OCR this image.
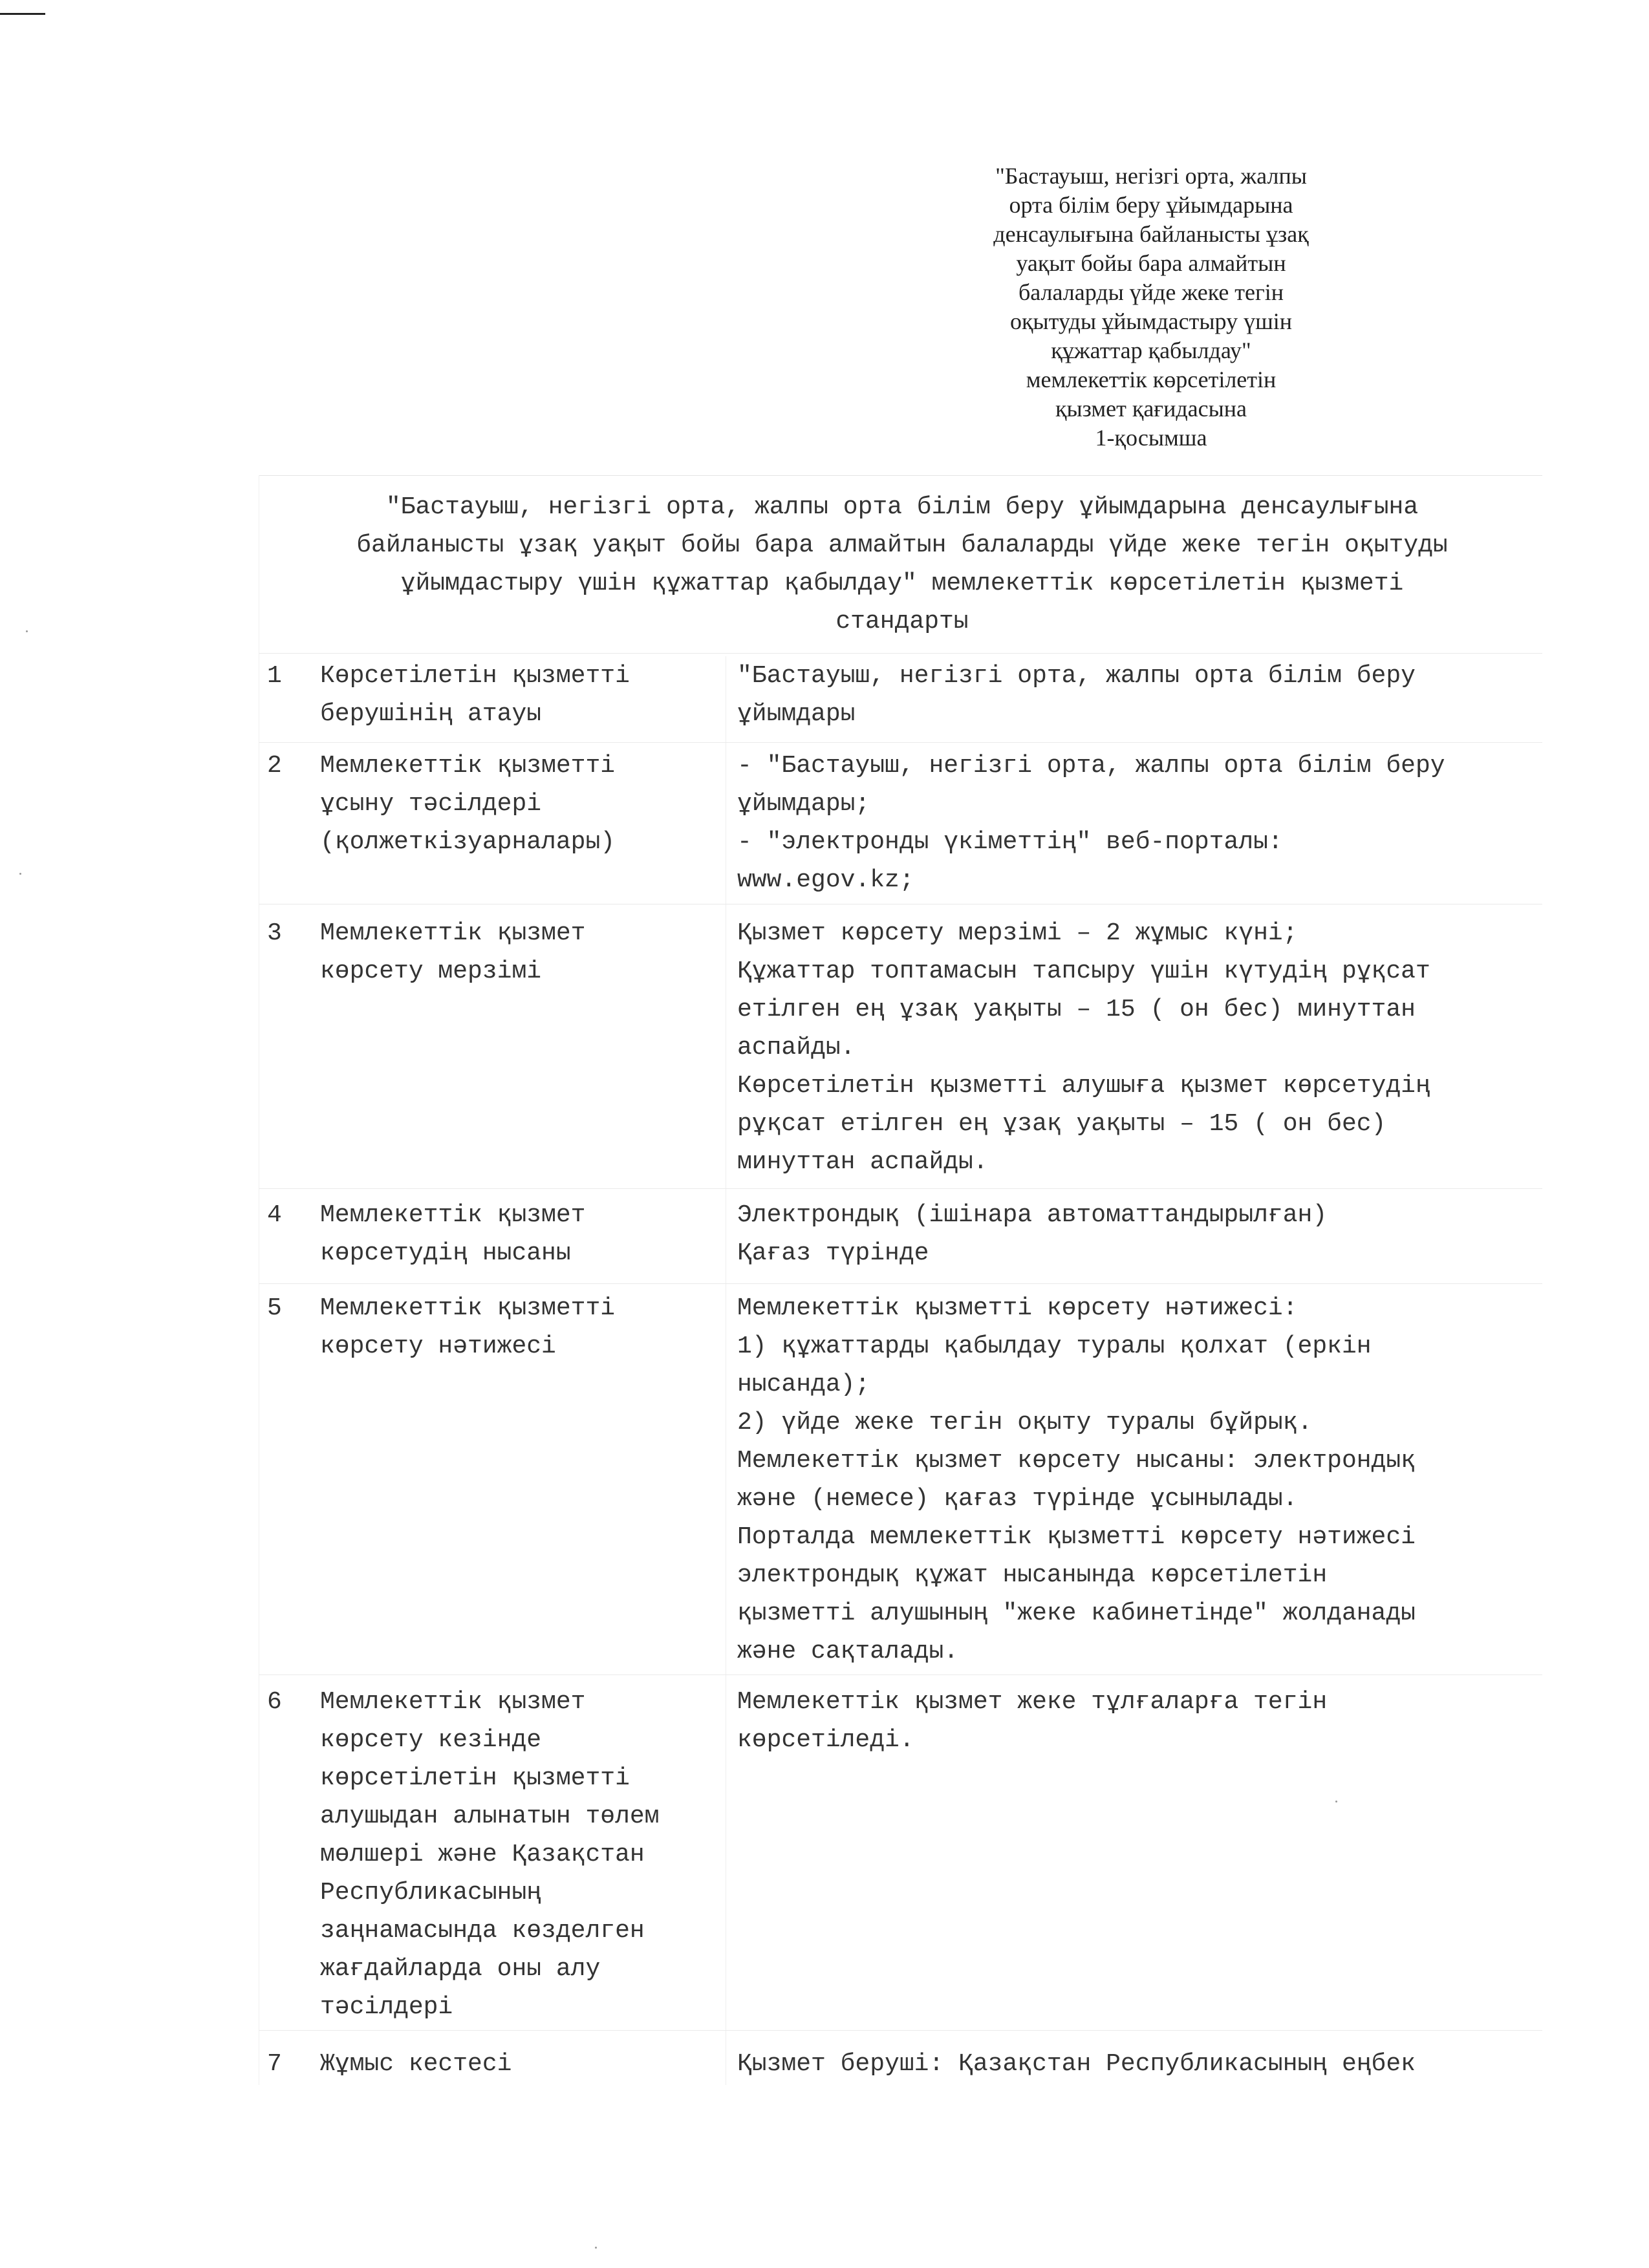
"Бастауыш, негізгі орта, жалпы
орта білім беру ұйымдарына
денсаулығына байланысты ұзақ
уақыт бойы бара алмайтын
балаларды үйде жеке тегін
оқытуды ұйымдастыру үшін
құжаттар қабылдау"
мемлекеттік көрсетілетін
қызмет қағидасына
1-қосымша
"Бастауыш, негізгі орта, жалпы орта білім беру ұйымдарына денсаулығына
байланысты ұзақ уақыт бойы бара алмайтын балаларды үйде жеке тегін оқытуды
ұйымдастыру үшін құжаттар қабылдау" мемлекеттік көрсетілетін қызметі
стандарты
1 Көрсетілетін қызметті
берушінің атауы
"Бастауыш, негізгі орта, жалпы орта білім беру
ұйымдары
2 Мемлекеттік қызметті
ұсыну тәсілдері
(қолжеткізуарналары)
- "Бастауыш, негізгі орта, жалпы орта білім беру
ұйымдары;
- "электронды үкіметтің" веб-порталы:
www.egov.kz;
3 Мемлекеттік қызмет
көрсету мерзімі
Қызмет көрсету мерзімі – 2 жұмыс күні;
Құжаттар топтамасын тапсыру үшін күтудің рұқсат
етілген ең ұзақ уақыты – 15 ( он бес) минуттан
аспайды.
Көрсетілетін қызметті алушыға қызмет көрсетудің
рұқсат етілген ең ұзақ уақыты – 15 ( он бес)
минуттан аспайды.
4 Мемлекеттік қызмет
көрсетудің нысаны
Электрондық (ішінара автоматтандырылған)
Қағаз түрінде
5 Мемлекеттік қызметті
көрсету нәтижесі
Мемлекеттік қызметті көрсету нәтижесі:
1) құжаттарды қабылдау туралы қолхат (еркін
нысанда);
2) үйде жеке тегін оқыту туралы бұйрық.
Мемлекеттік қызмет көрсету нысаны: электрондық
және (немесе) қағаз түрінде ұсынылады.
Порталда мемлекеттік қызметті көрсету нәтижесі
электрондық құжат нысанында көрсетілетін
қызметті алушының "жеке кабинетінде" жолданады
және сақталады.
6 Мемлекеттік қызмет
көрсету кезінде
көрсетілетін қызметті
алушыдан алынатын төлем
мөлшері және Қазақстан
Республикасының
заңнамасында көзделген
жағдайларда оны алу
тәсілдері
Мемлекеттік қызмет жеке тұлғаларға тегін
көрсетіледі.
7 Жұмыс кестесі	Қызмет беруші: Қазақстан Республикасының еңбек
